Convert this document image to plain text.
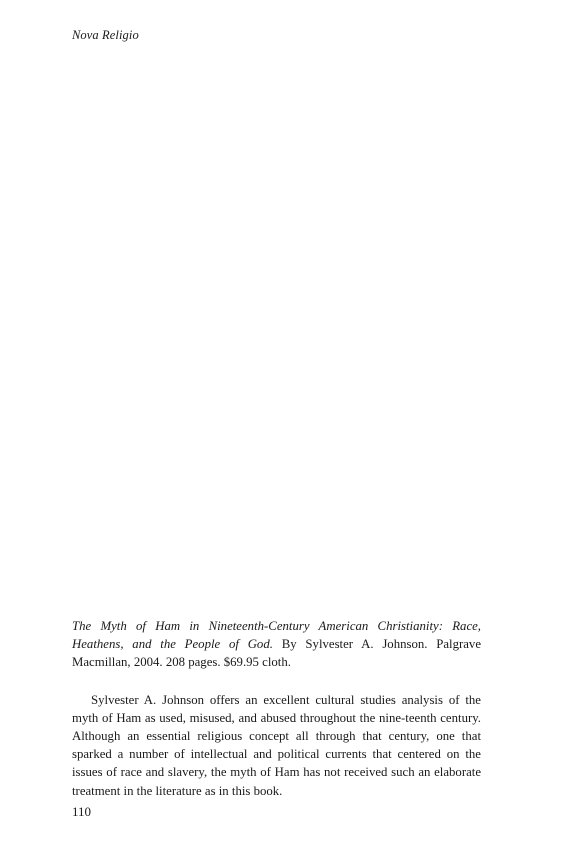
Nova Religio

The Myth of Ham in Nineteenth-Century American Christianity: Race, Heathens, and the People of God. By Sylvester A. Johnson. Palgrave Macmillan, 2004. 208 pages. $69.95 cloth.

Sylvester A. Johnson offers an excellent cultural studies analysis of the myth of Ham as used, misused, and abused throughout the nine-teenth century. Although an essential religious concept all through that century, one that sparked a number of intellectual and political currents that centered on the issues of race and slavery, the myth of Ham has not received such an elaborate treatment in the literature as in this book.

110
